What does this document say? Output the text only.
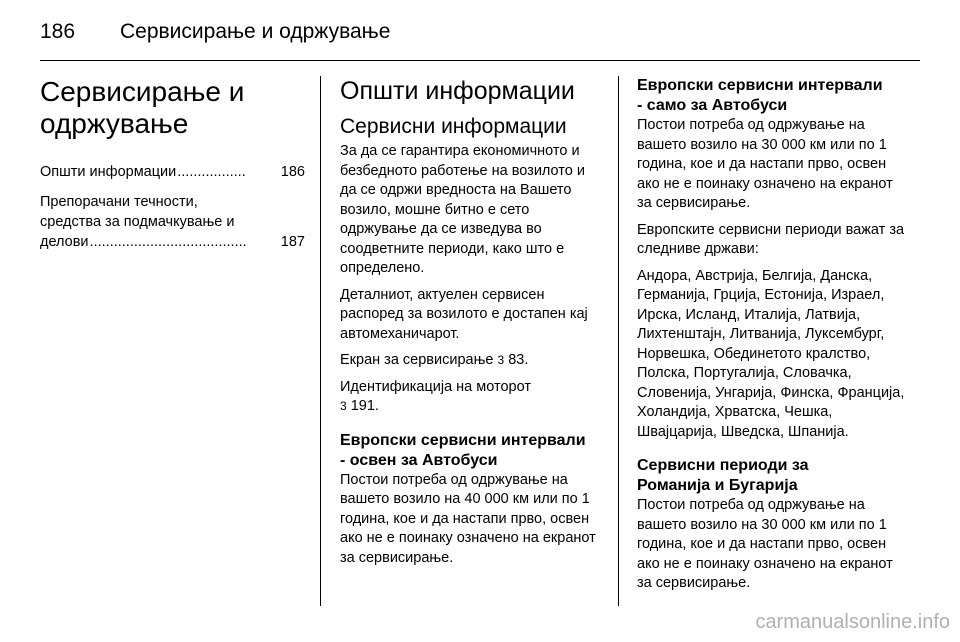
186	Сервисирање и одржување
Сервисирање и
одржување
Општи информации .................	186
Препорачани течности,
средства за подмачкување и
делови .......................................	187
Општи информации
Сервисни информации

За да се гарантира економичното и безбедното работење на возилото и да се одржи вредноста на Вашето возило, мошне битно е сето одржување да се изведува во соодветните периоди, како што е определено.

Деталниот, актуелен сервисен распоред за возилото е достапен кај автомеханичарот.

Екран за сервисирање 3 83.

Идентификација на моторот
3 191.

Европски сервисни интервали
- освен за Автобуси

Постои потреба од одржување на вашето возило на 40 000 км или по 1 година, кое и да настапи прво, освен ако не е поинаку означено на екранот за сервисирање.

Европски сервисни интервали
- само за Автобуси

Постои потреба од одржување на вашето возило на 30 000 км или по 1 година, кое и да настапи прво, освен ако не е поинаку означено на екранот за сервисирање.

Европските сервисни периоди важат за следниве држави:

Андора, Австрија, Белгија, Данска, Германија, Грција, Естонија, Израел, Ирска, Исланд, Италија, Латвија, Лихтенштајн, Литванија, Луксембург, Норвешка, Обединетото кралство, Полска, Португалија, Словачка, Словенија, Унгарија, Финска, Франција, Холандија, Хрватска, Чешка, Швајцарија, Шведска, Шпанија.

Сервисни периоди за
Романија и Бугарија

Постои потреба од одржување на вашето возило на 30 000 км или по 1 година, кое и да настапи прво, освен ако не е поинаку означено на екранот за сервисирање.

carmanualsonline.info
